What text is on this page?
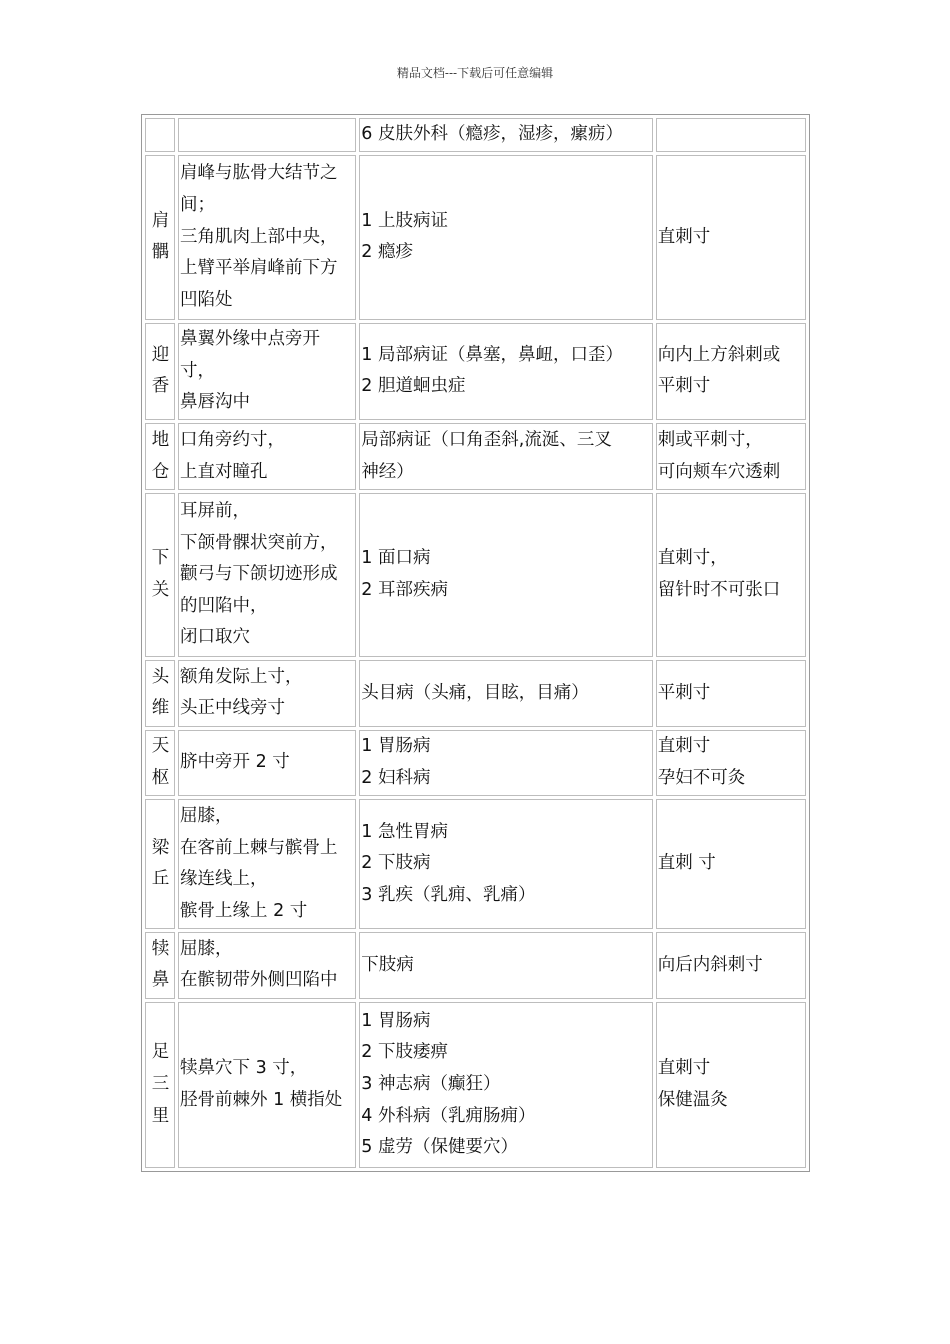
精品文档---下载后可任意编辑

		6 皮肤外科（瘾疹，湿疹，瘰疬）	

肩
髃	肩峰与肱骨大结节之
间；
三角肌肉上部中央，
上臂平举肩峰前下方
凹陷处	1 上肢病证
2 瘾疹	直刺寸

迎
香	鼻翼外缘中点旁开
寸，
鼻唇沟中	1 局部病证（鼻塞，鼻衄，口歪）
2 胆道蛔虫症	向内上方斜刺或
平刺寸

地
仓	口角旁约寸，
上直对瞳孔	局部病证（口角歪斜,流涎、三叉
神经）	刺或平刺寸，
可向颊车穴透刺

下
关	耳屏前，
下颌骨髁状突前方，
颧弓与下颌切迹形成
的凹陷中，
闭口取穴	1 面口病
2 耳部疾病	直刺寸，
留针时不可张口

头
维	额角发际上寸，
头正中线旁寸	头目病（头痛，目眩，目痛）	平刺寸

天
枢	脐中旁开 2 寸	1 胃肠病
2 妇科病	直刺寸
孕妇不可灸

梁
丘	屈膝，
在客前上棘与髌骨上
缘连线上，
髌骨上缘上 2 寸	1 急性胃病
2 下肢病
3 乳疾（乳痈、乳痛）	直刺 寸

犊
鼻	屈膝，
在髌韧带外侧凹陷中	下肢病	向后内斜刺寸

足
三
里	犊鼻穴下 3 寸，
胫骨前棘外 1 横指处	1 胃肠病
2 下肢痿痹
3 神志病（癫狂）
4 外科病（乳痈肠痈）
5 虚劳（保健要穴）	直刺寸
保健温灸
